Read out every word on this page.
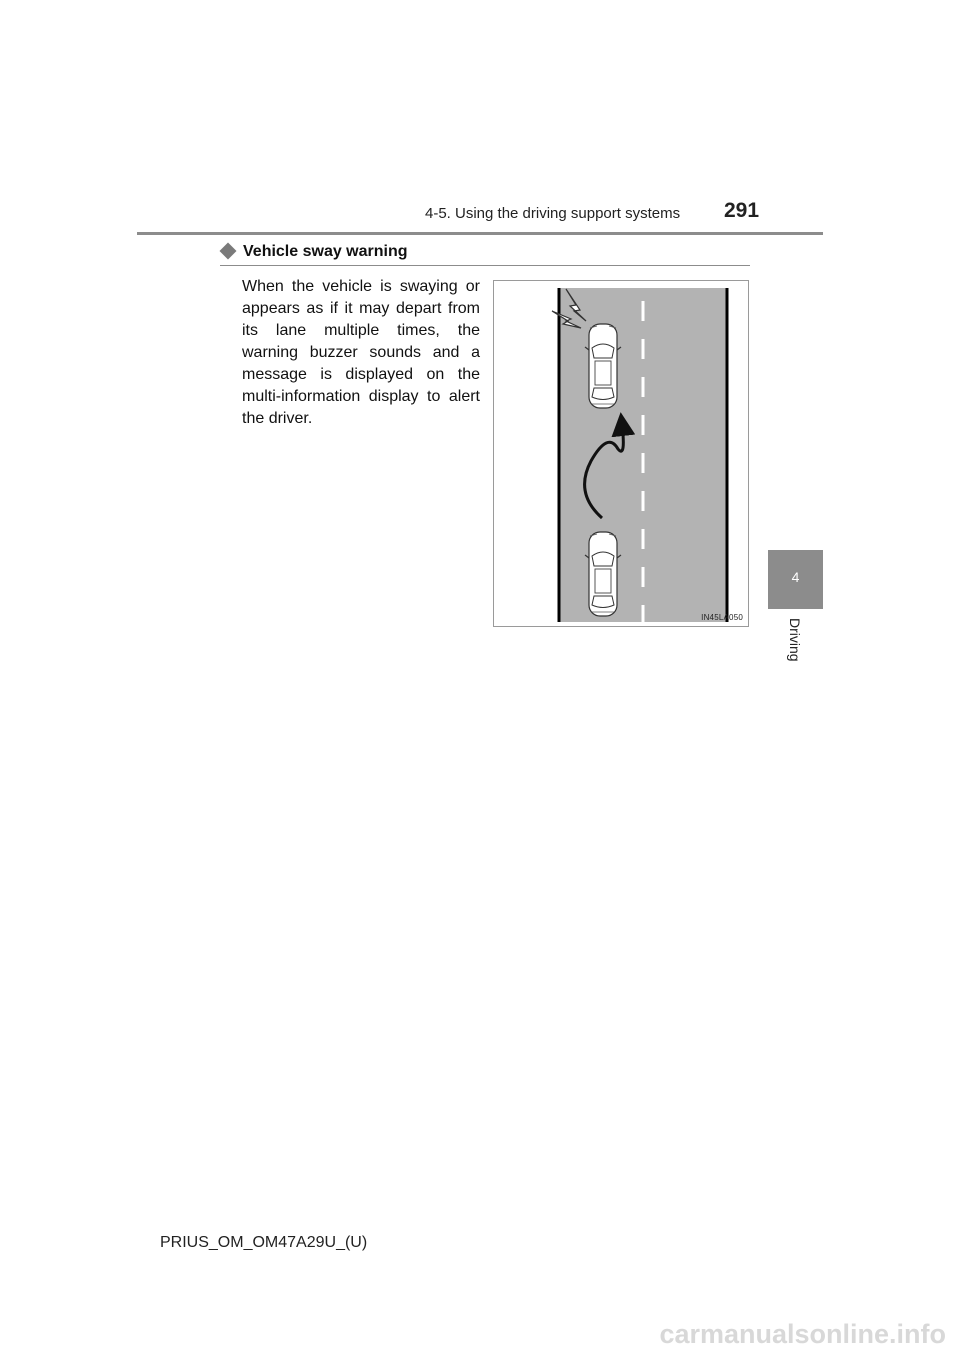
4-5. Using the driving support systems 291
4
Driving
Vehicle sway warning
When the vehicle is swaying or appears as if it may depart from its lane multiple times, the warning buzzer sounds and a message is displayed on the multi-information display to alert the driver.
IN45LA050
PRIUS_OM_OM47A29U_(U)
carmanualsonline.info
